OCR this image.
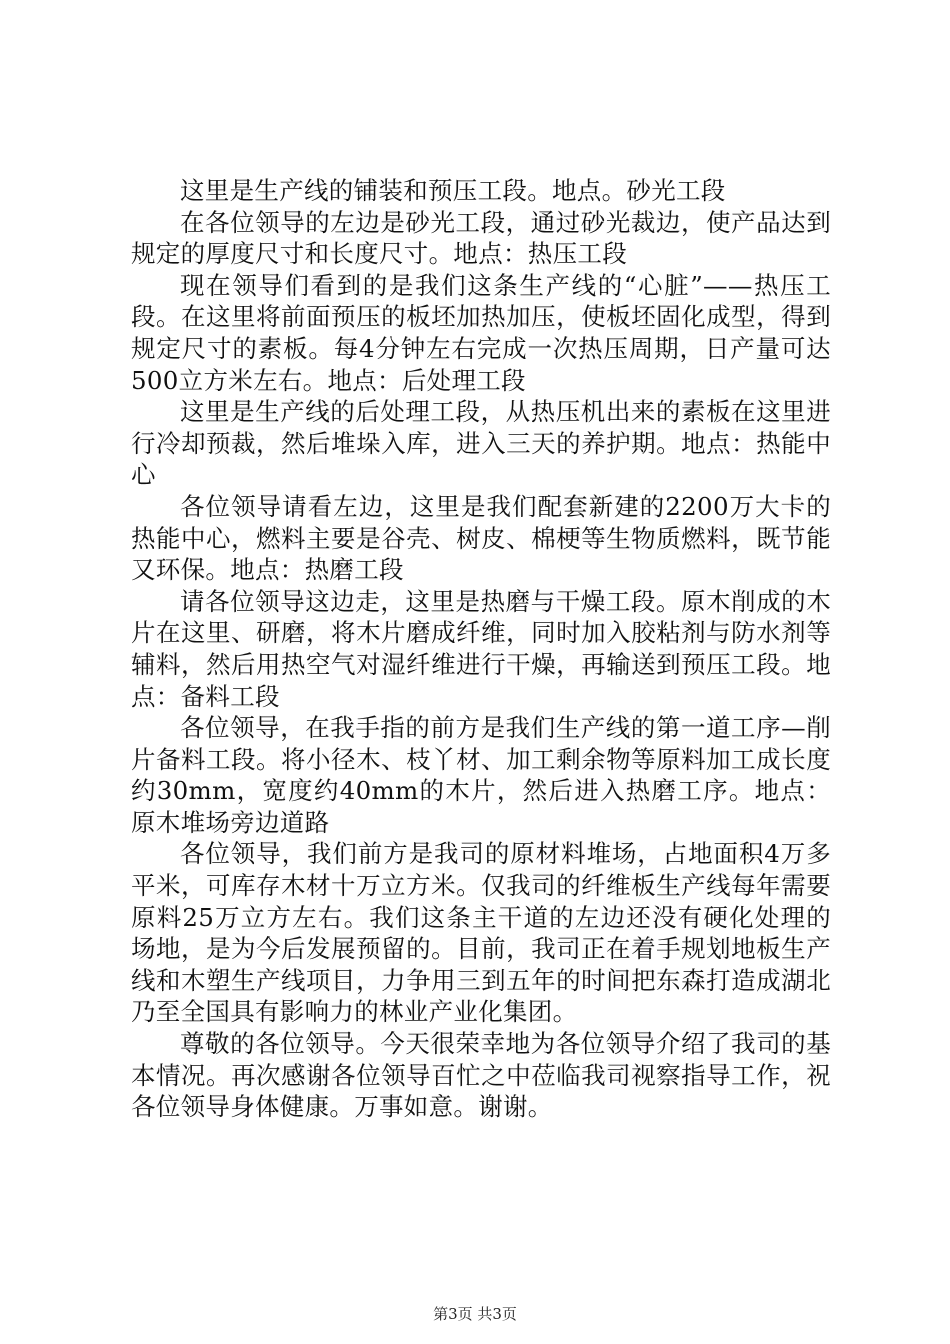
这里是生产线的铺装和预压工段。地点。砂光工段

在各位领导的左边是砂光工段，通过砂光裁边，使产品达到规定的厚度尺寸和长度尺寸。地点：热压工段

现在领导们看到的是我们这条生产线的“心脏”——热压工段。在这里将前面预压的板坯加热加压，使板坯固化成型，得到规定尺寸的素板。每4分钟左右完成一次热压周期，日产量可达500立方米左右。地点：后处理工段

这里是生产线的后处理工段，从热压机出来的素板在这里进行冷却预裁，然后堆垛入库，进入三天的养护期。地点：热能中心

各位领导请看左边，这里是我们配套新建的2200万大卡的热能中心，燃料主要是谷壳、树皮、棉梗等生物质燃料，既节能又环保。地点：热磨工段

请各位领导这边走，这里是热磨与干燥工段。原木削成的木片在这里、研磨，将木片磨成纤维，同时加入胶粘剂与防水剂等辅料，然后用热空气对湿纤维进行干燥，再输送到预压工段。地点：备料工段

各位领导，在我手指的前方是我们生产线的第一道工序—削片备料工段。将小径木、枝丫材、加工剩余物等原料加工成长度约30mm，宽度约40mm的木片，然后进入热磨工序。地点：原木堆场旁边道路

各位领导，我们前方是我司的原材料堆场，占地面积4万多平米，可库存木材十万立方米。仅我司的纤维板生产线每年需要原料25万立方左右。我们这条主干道的左边还没有硬化处理的场地，是为今后发展预留的。目前，我司正在着手规划地板生产线和木塑生产线项目，力争用三到五年的时间把东森打造成湖北乃至全国具有影响力的林业产业化集团。

尊敬的各位领导。今天很荣幸地为各位领导介绍了我司的基本情况。再次感谢各位领导百忙之中莅临我司视察指导工作，祝各位领导身体健康。万事如意。谢谢。

第3页 共3页
